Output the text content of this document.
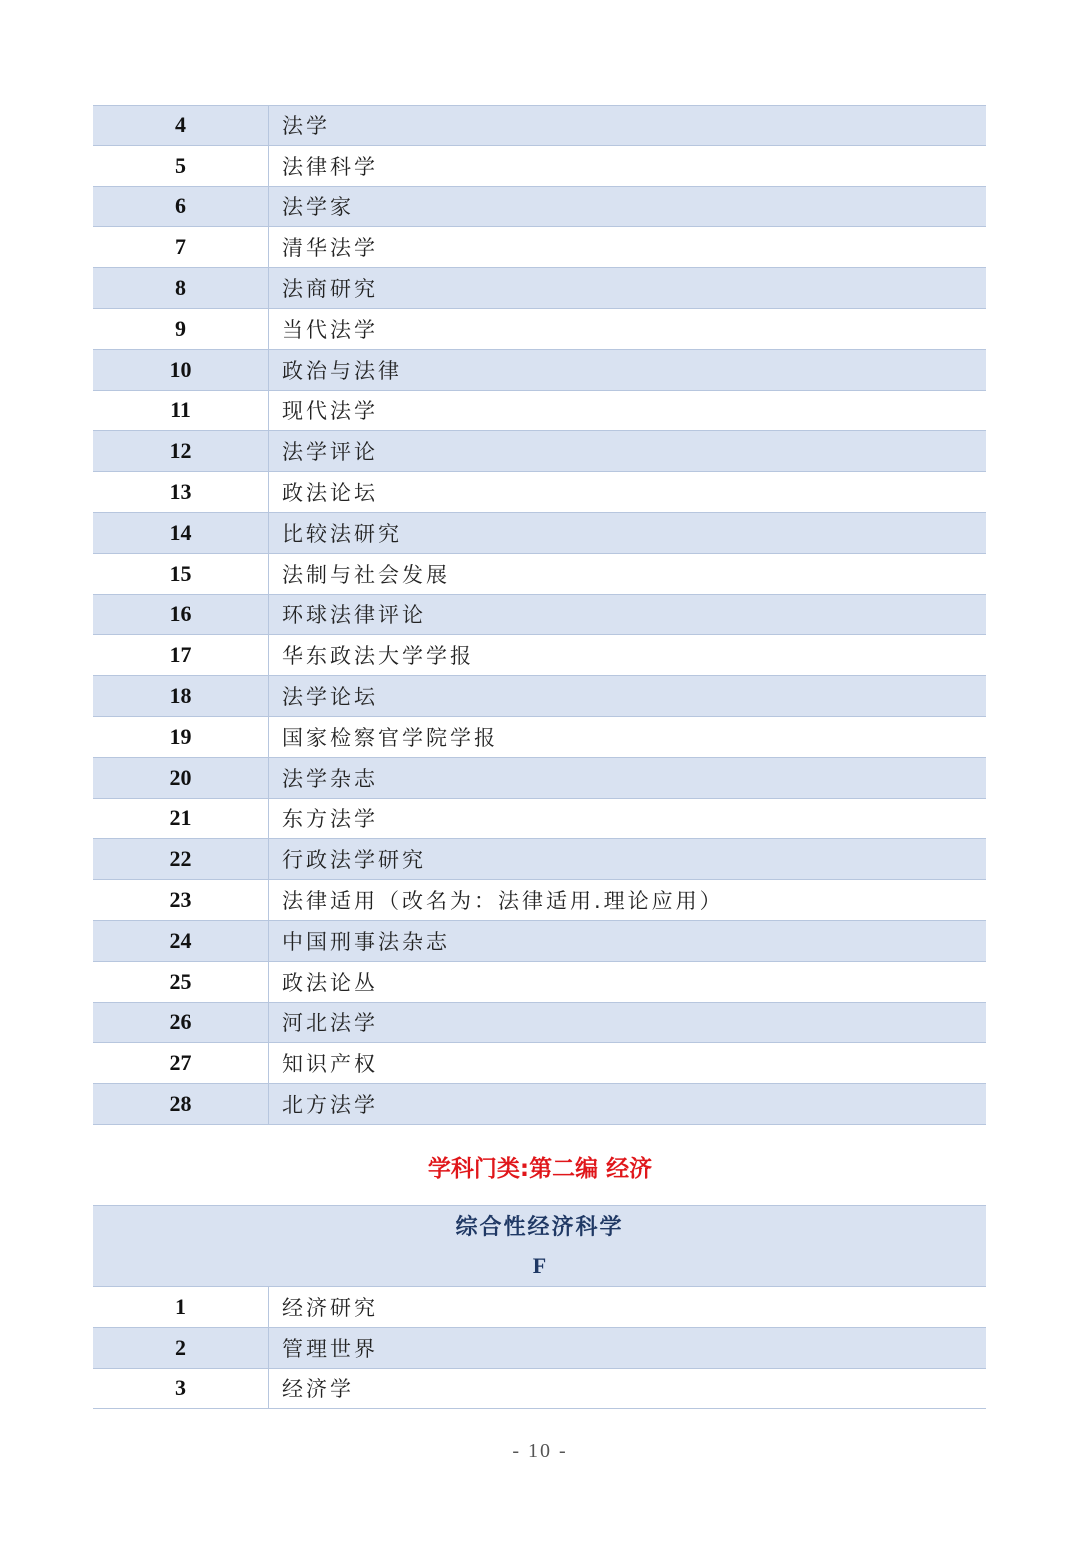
4	法学
5	法律科学
6	法学家
7	清华法学
8	法商研究
9	当代法学
10	政治与法律
11	现代法学
12	法学评论
13	政法论坛
14	比较法研究
15	法制与社会发展
16	环球法律评论
17	华东政法大学学报
18	法学论坛
19	国家检察官学院学报
20	法学杂志
21	东方法学
22	行政法学研究
23	法律适用（改名为：法律适用.理论应用）
24	中国刑事法杂志
25	政法论丛
26	河北法学
27	知识产权
28	北方法学
学科门类:第二编 经济
综合性经济科学
F
1	经济研究
2	管理世界
3	经济学
- 10 -
